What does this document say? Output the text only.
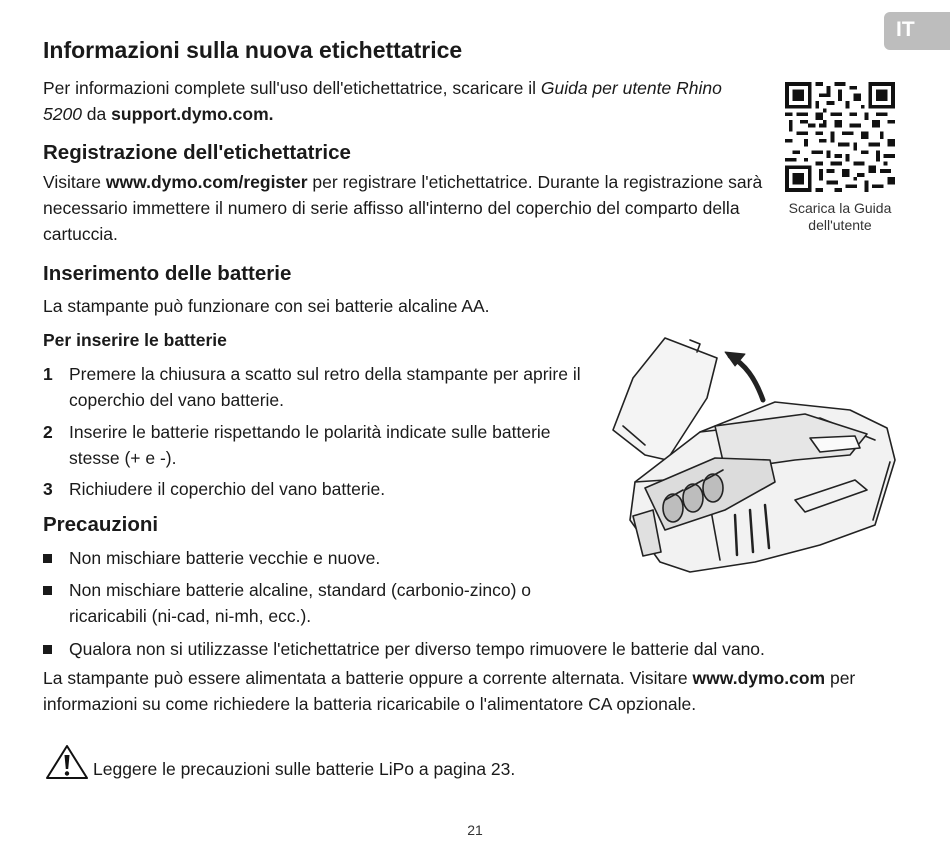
IT
Informazioni sulla nuova etichettatrice
Per informazioni complete sull'uso dell'etichettatrice, scaricare il Guida per utente Rhino 5200 da support.dymo.com.
Scarica la Guida dell'utente
Registrazione dell'etichettatrice
Visitare www.dymo.com/register per registrare l'etichettatrice. Durante la registrazione sarà necessario immettere il numero di serie affisso all'interno del coperchio del comparto della cartuccia.
Inserimento delle batterie
La stampante può funzionare con sei batterie alcaline AA.
Per inserire le batterie
1 Premere la chiusura a scatto sul retro della stampante per aprire il coperchio del vano batterie.
2 Inserire le batterie rispettando le polarità indicate sulle batterie stesse (+ e -).
3 Richiudere il coperchio del vano batterie.
Precauzioni
Non mischiare batterie vecchie e nuove.
Non mischiare batterie alcaline, standard (carbonio-zinco) o ricaricabili (ni-cad, ni-mh, ecc.).
Qualora non si utilizzasse l'etichettatrice per diverso tempo rimuovere le batterie dal vano.
La stampante può essere alimentata a batterie oppure a corrente alternata. Visitare www.dymo.com per informazioni su come richiedere la batteria ricaricabile o l'alimentatore CA opzionale.
Leggere le precauzioni sulle batterie LiPo a pagina 23.
21
